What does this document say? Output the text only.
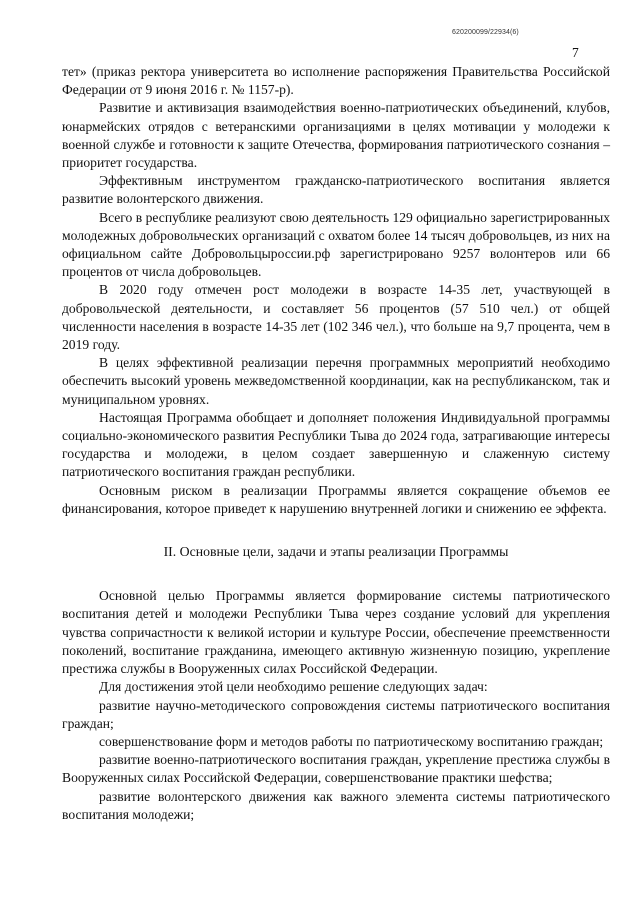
620200099/22934(6)
7

тет» (приказ ректора университета во исполнение распоряжения Правительства Российской Федерации от 9 июня 2016 г. № 1157-р).

Развитие и активизация взаимодействия военно-патриотических объединений, клубов, юнармейских отрядов с ветеранскими организациями в целях мотивации у молодежи к военной службе и готовности к защите Отечества, формирования патриотического сознания – приоритет государства.

Эффективным инструментом гражданско-патриотического воспитания является развитие волонтерского движения.

Всего в республике реализуют свою деятельность 129 официально зарегистрированных молодежных добровольческих организаций с охватом более 14 тысяч добровольцев, из них на официальном сайте Добровольцыроссии.рф зарегистрировано 9257 волонтеров или 66 процентов от числа добровольцев.

В 2020 году отмечен рост молодежи в возрасте 14-35 лет, участвующей в добровольческой деятельности, и составляет 56 процентов (57 510 чел.) от общей численности населения в возрасте 14-35 лет (102 346 чел.), что больше на 9,7 процента, чем в 2019 году.

В целях эффективной реализации перечня программных мероприятий необходимо обеспечить высокий уровень межведомственной координации, как на республиканском, так и муниципальном уровнях.

Настоящая Программа обобщает и дополняет положения Индивидуальной программы социально-экономического развития Республики Тыва до 2024 года, затрагивающие интересы государства и молодежи, в целом создает завершенную и слаженную систему патриотического воспитания граждан республики.

Основным риском в реализации Программы является сокращение объемов ее финансирования, которое приведет к нарушению внутренней логики и снижению ее эффекта.

II. Основные цели, задачи и этапы реализации Программы

Основной целью Программы является формирование системы патриотического воспитания детей и молодежи Республики Тыва через создание условий для укрепления чувства сопричастности к великой истории и культуре России, обеспечение преемственности поколений, воспитание гражданина, имеющего активную жизненную позицию, укрепление престижа службы в Вооруженных силах Российской Федерации.

Для достижения этой цели необходимо решение следующих задач:

развитие научно-методического сопровождения системы патриотического воспитания граждан;

совершенствование форм и методов работы по патриотическому воспитанию граждан;

развитие военно-патриотического воспитания граждан, укрепление престижа службы в Вооруженных силах Российской Федерации, совершенствование практики шефства;

развитие волонтерского движения как важного элемента системы патриотического воспитания молодежи;
